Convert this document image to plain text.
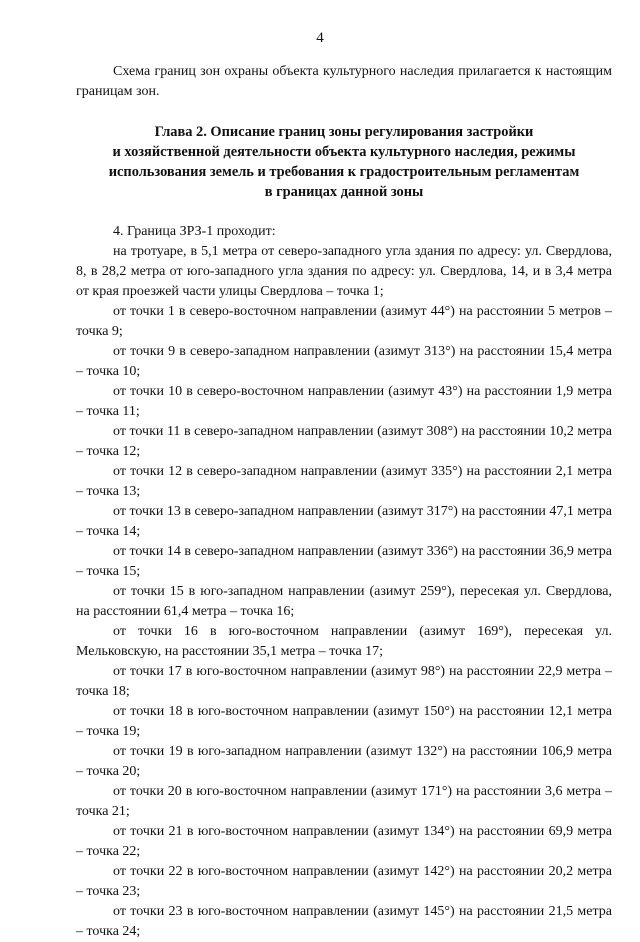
4

Схема границ зон охраны объекта культурного наследия прилагается к настоящим границам зон.

Глава 2. Описание границ зоны регулирования застройки
и хозяйственной деятельности объекта культурного наследия, режимы
использования земель и требования к градостроительным регламентам
в границах данной зоны

4. Граница ЗРЗ-1 проходит:

на тротуаре, в 5,1 метра от северо-западного угла здания по адресу: ул. Свердлова, 8, в 28,2 метра от юго-западного угла здания по адресу: ул. Свердлова, 14, и в 3,4 метра от края проезжей части улицы Свердлова – точка 1;

от точки 1 в северо-восточном направлении (азимут 44°) на расстоянии 5 метров – точка 9;

от точки 9 в северо-западном направлении (азимут 313°) на расстоянии 15,4 метра – точка 10;

от точки 10 в северо-восточном направлении (азимут 43°) на расстоянии 1,9 метра – точка 11;

от точки 11 в северо-западном направлении (азимут 308°) на расстоянии 10,2 метра – точка 12;

от точки 12 в северо-западном направлении (азимут 335°) на расстоянии 2,1 метра – точка 13;

от точки 13 в северо-западном направлении (азимут 317°) на расстоянии 47,1 метра – точка 14;

от точки 14 в северо-западном направлении (азимут 336°) на расстоянии 36,9 метра – точка 15;

от точки 15 в юго-западном направлении (азимут 259°), пересекая ул. Свердлова, на расстоянии 61,4 метра – точка 16;

от точки 16 в юго-восточном направлении (азимут 169°), пересекая ул. Мельковскую, на расстоянии 35,1 метра – точка 17;

от точки 17 в юго-восточном направлении (азимут 98°) на расстоянии 22,9 метра – точка 18;

от точки 18 в юго-восточном направлении (азимут 150°) на расстоянии 12,1 метра – точка 19;

от точки 19 в юго-западном направлении (азимут 132°) на расстоянии 106,9 метра – точка 20;

от точки 20 в юго-восточном направлении (азимут 171°) на расстоянии 3,6 метра – точка 21;

от точки 21 в юго-восточном направлении (азимут 134°) на расстоянии 69,9 метра – точка 22;

от точки 22 в юго-восточном направлении (азимут 142°) на расстоянии 20,2 метра – точка 23;

от точки 23 в юго-восточном направлении (азимут 145°) на расстоянии 21,5 метра – точка 24;
